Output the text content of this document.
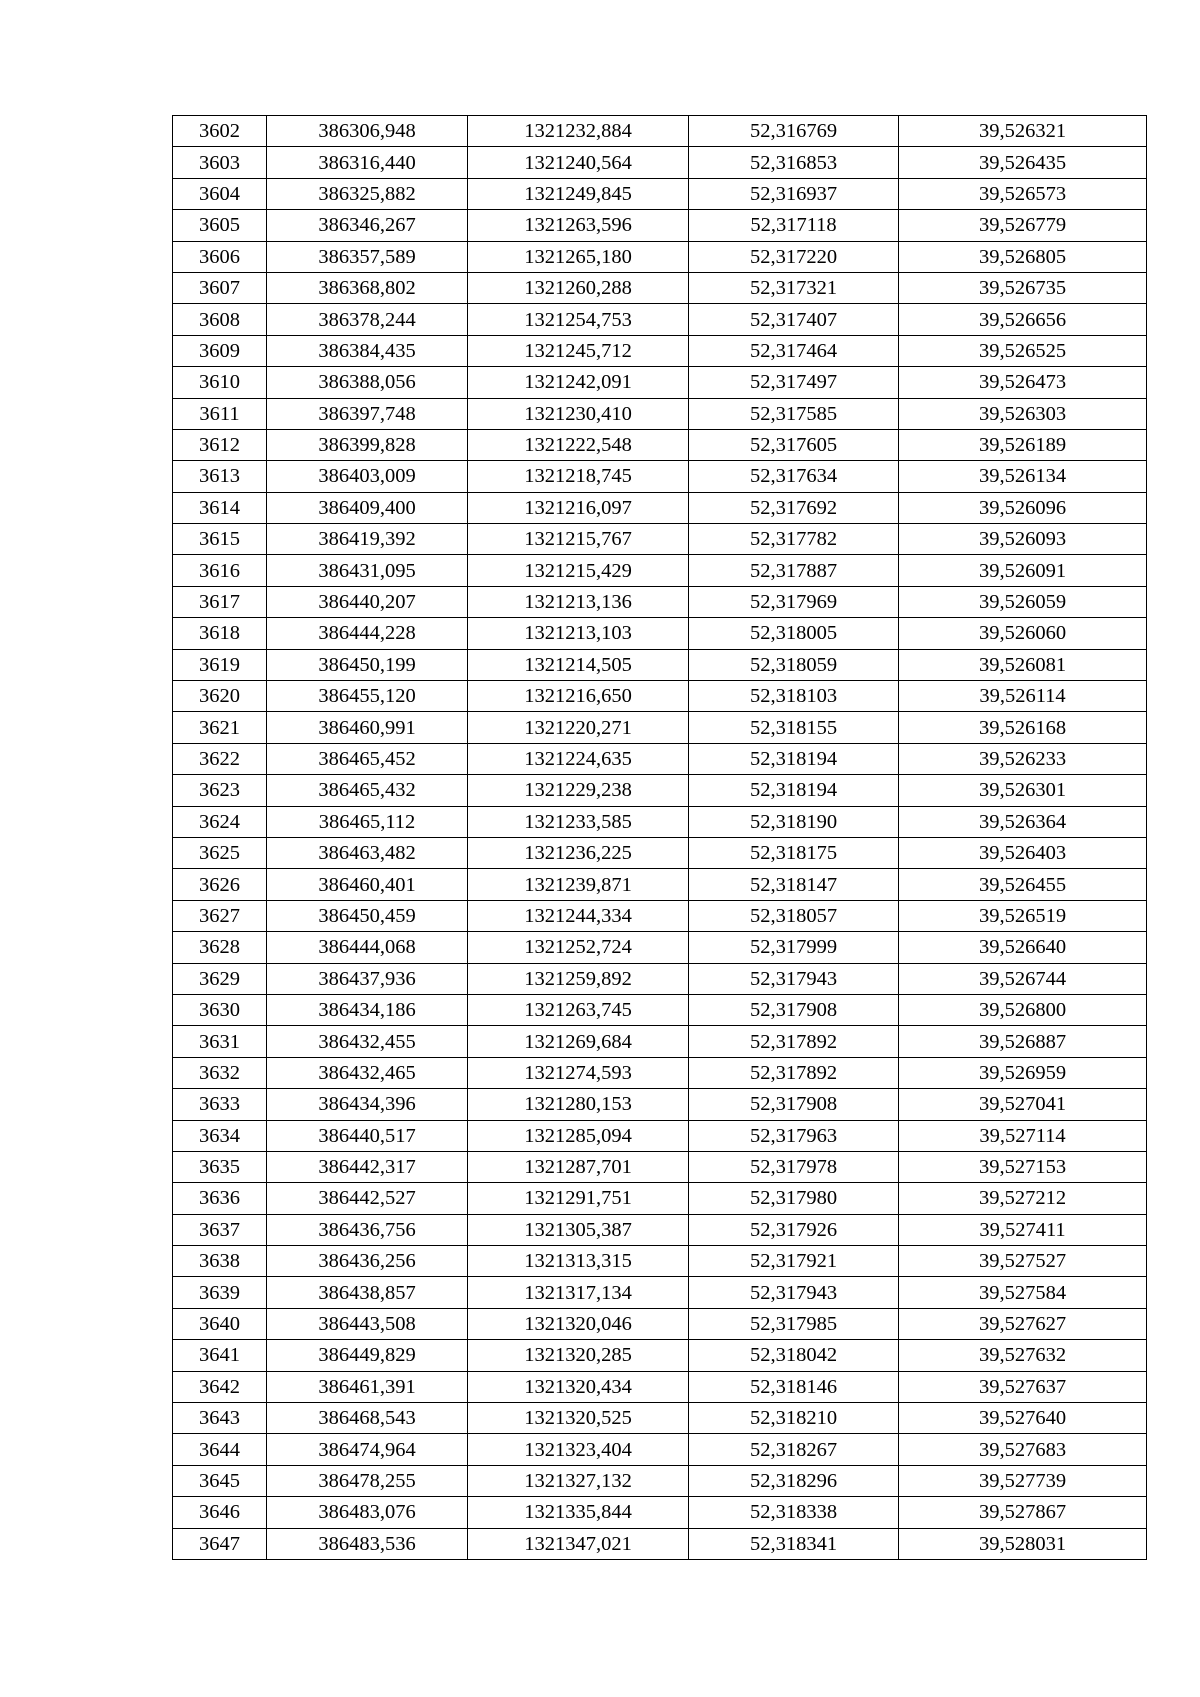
3602	386306,948	1321232,884	52,316769	39,526321
3603	386316,440	1321240,564	52,316853	39,526435
3604	386325,882	1321249,845	52,316937	39,526573
3605	386346,267	1321263,596	52,317118	39,526779
3606	386357,589	1321265,180	52,317220	39,526805
3607	386368,802	1321260,288	52,317321	39,526735
3608	386378,244	1321254,753	52,317407	39,526656
3609	386384,435	1321245,712	52,317464	39,526525
3610	386388,056	1321242,091	52,317497	39,526473
3611	386397,748	1321230,410	52,317585	39,526303
3612	386399,828	1321222,548	52,317605	39,526189
3613	386403,009	1321218,745	52,317634	39,526134
3614	386409,400	1321216,097	52,317692	39,526096
3615	386419,392	1321215,767	52,317782	39,526093
3616	386431,095	1321215,429	52,317887	39,526091
3617	386440,207	1321213,136	52,317969	39,526059
3618	386444,228	1321213,103	52,318005	39,526060
3619	386450,199	1321214,505	52,318059	39,526081
3620	386455,120	1321216,650	52,318103	39,526114
3621	386460,991	1321220,271	52,318155	39,526168
3622	386465,452	1321224,635	52,318194	39,526233
3623	386465,432	1321229,238	52,318194	39,526301
3624	386465,112	1321233,585	52,318190	39,526364
3625	386463,482	1321236,225	52,318175	39,526403
3626	386460,401	1321239,871	52,318147	39,526455
3627	386450,459	1321244,334	52,318057	39,526519
3628	386444,068	1321252,724	52,317999	39,526640
3629	386437,936	1321259,892	52,317943	39,526744
3630	386434,186	1321263,745	52,317908	39,526800
3631	386432,455	1321269,684	52,317892	39,526887
3632	386432,465	1321274,593	52,317892	39,526959
3633	386434,396	1321280,153	52,317908	39,527041
3634	386440,517	1321285,094	52,317963	39,527114
3635	386442,317	1321287,701	52,317978	39,527153
3636	386442,527	1321291,751	52,317980	39,527212
3637	386436,756	1321305,387	52,317926	39,527411
3638	386436,256	1321313,315	52,317921	39,527527
3639	386438,857	1321317,134	52,317943	39,527584
3640	386443,508	1321320,046	52,317985	39,527627
3641	386449,829	1321320,285	52,318042	39,527632
3642	386461,391	1321320,434	52,318146	39,527637
3643	386468,543	1321320,525	52,318210	39,527640
3644	386474,964	1321323,404	52,318267	39,527683
3645	386478,255	1321327,132	52,318296	39,527739
3646	386483,076	1321335,844	52,318338	39,527867
3647	386483,536	1321347,021	52,318341	39,528031
